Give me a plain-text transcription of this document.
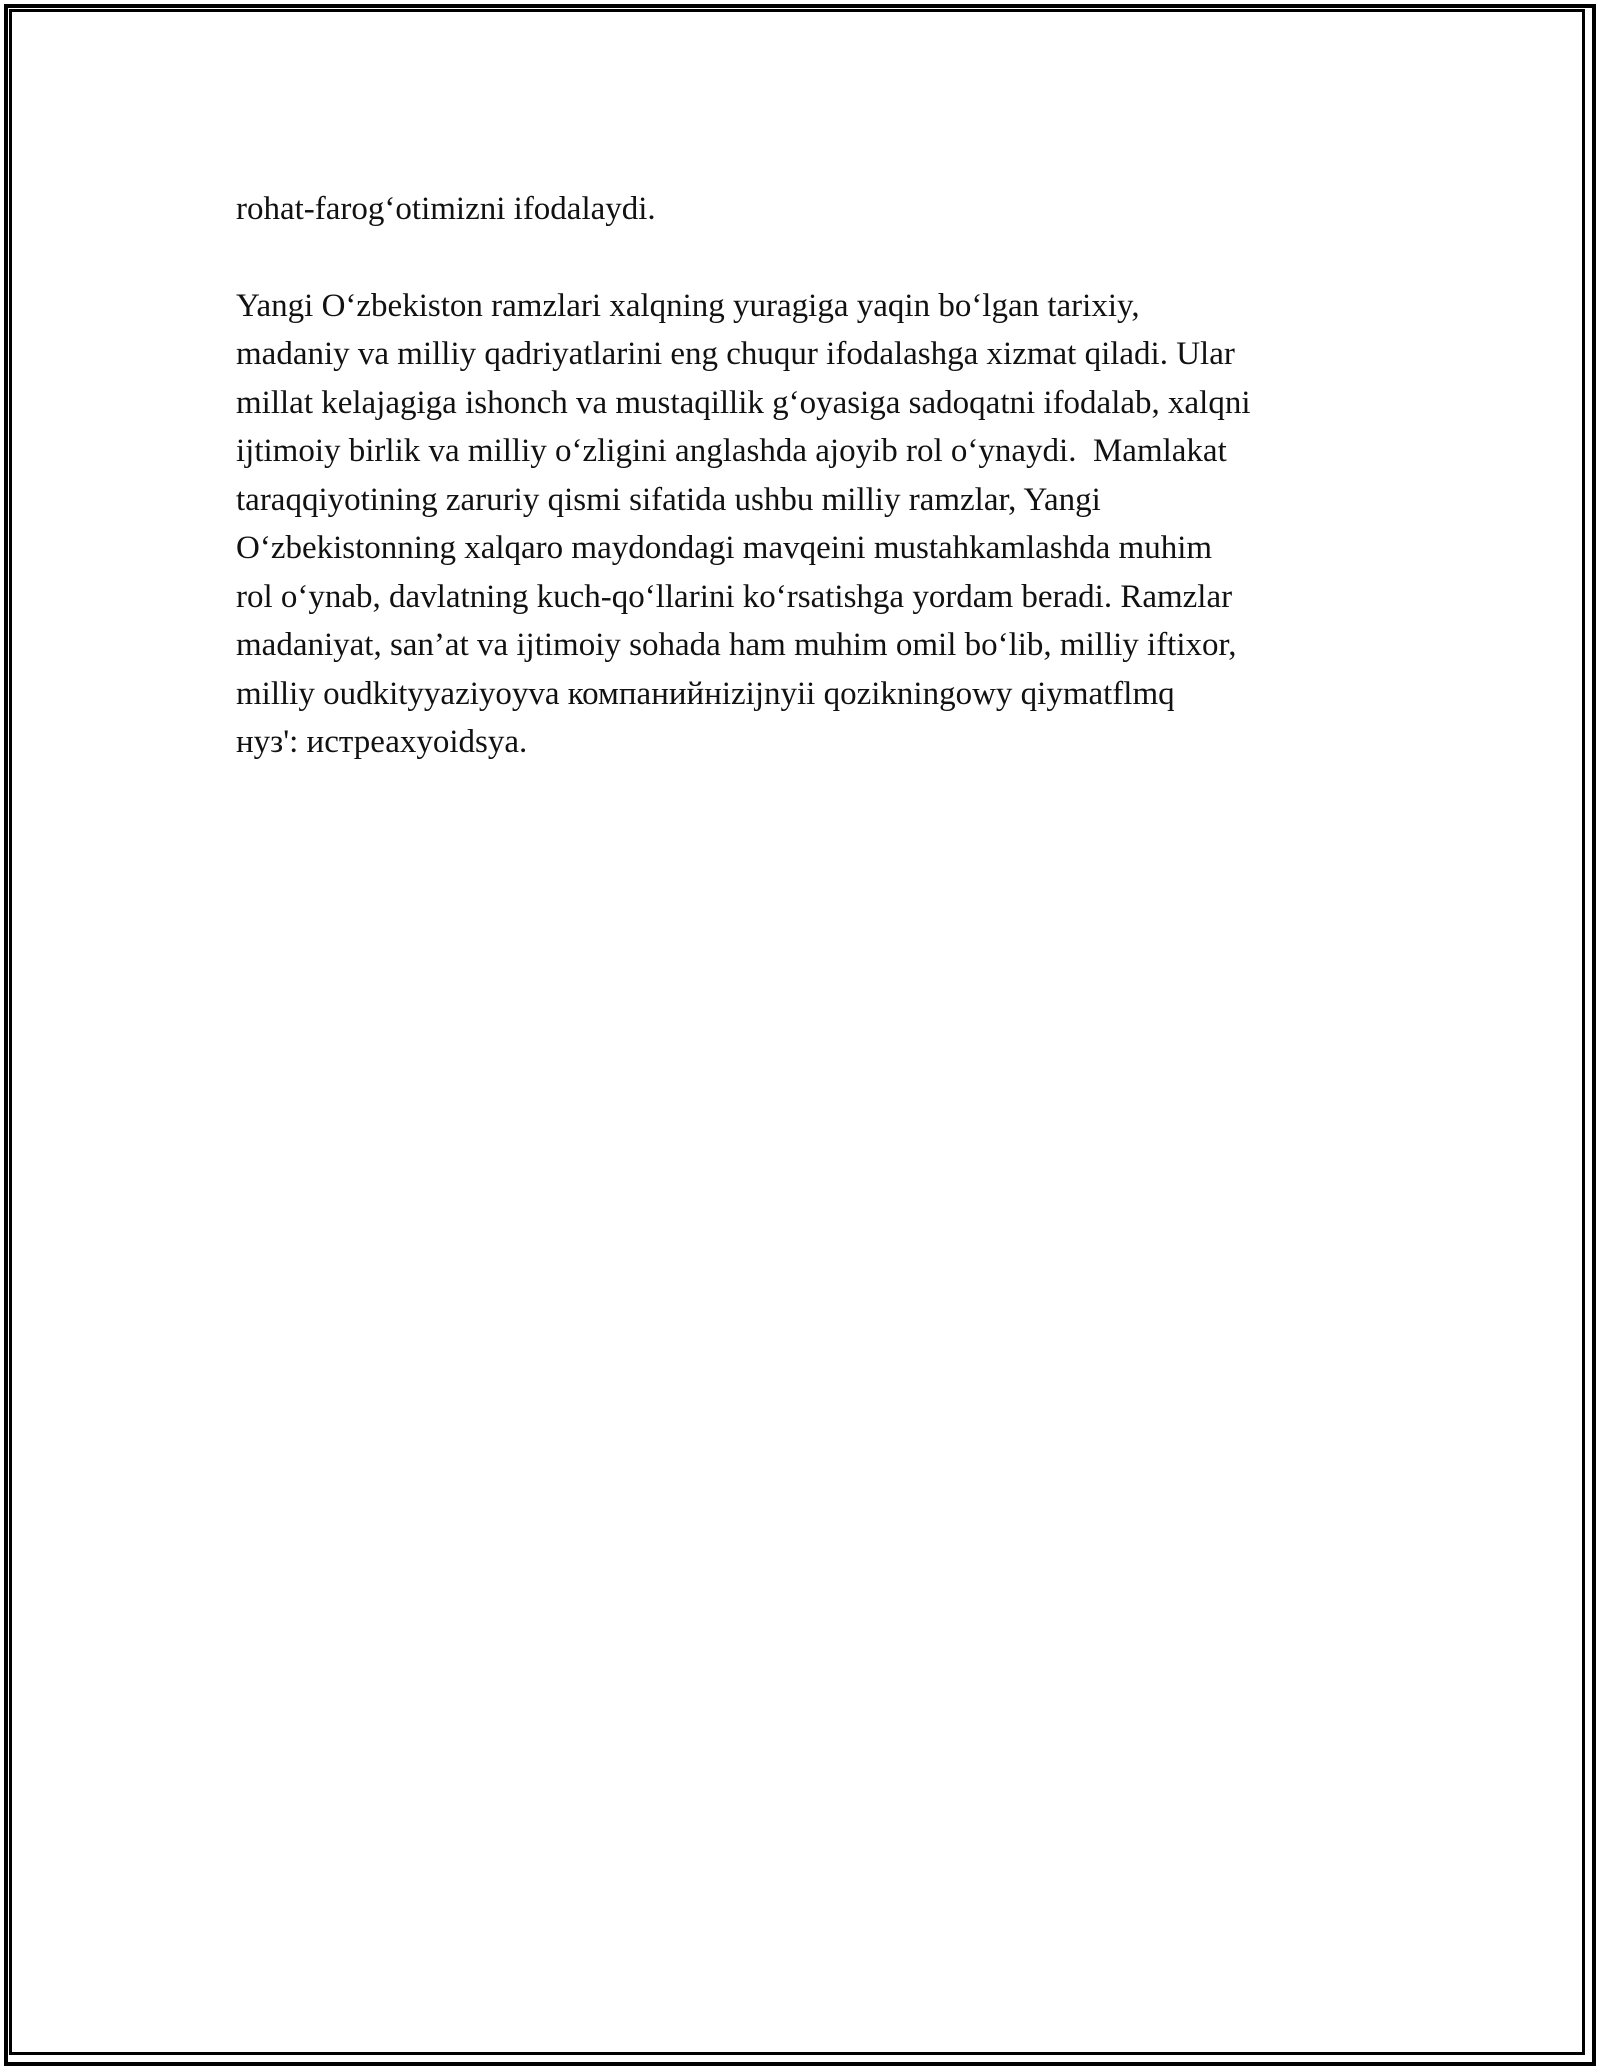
rohat-farog‘otimizni ifodalaydi.
Yangi O‘zbekiston ramzlari xalqning yuragiga yaqin bo‘lgan tarixiy,
madaniy va milliy qadriyatlarini eng chuqur ifodalashga xizmat qiladi. Ular
millat kelajagiga ishonch va mustaqillik g‘oyasiga sadoqatni ifodalab, xalqni
ijtimoiy birlik va milliy o‘zligini anglashda ajoyib rol o‘ynaydi.  Mamlakat
taraqqiyotining zaruriy qismi sifatida ushbu milliy ramzlar, Yangi
O‘zbekistonning xalqaro maydondagi mavqeini mustahkamlashda muhim
rol o‘ynab, davlatning kuch-qo‘llarini ko‘rsatishga yordam beradi. Ramzlar
madaniyat, san’at va ijtimoiy sohada ham muhim omil bo‘lib, milliy iftixor,
milliy oudkityyaziyoyva компанийнizijnyii qozikningowy qiymatflmq
нуз': истреахyoidsya.
